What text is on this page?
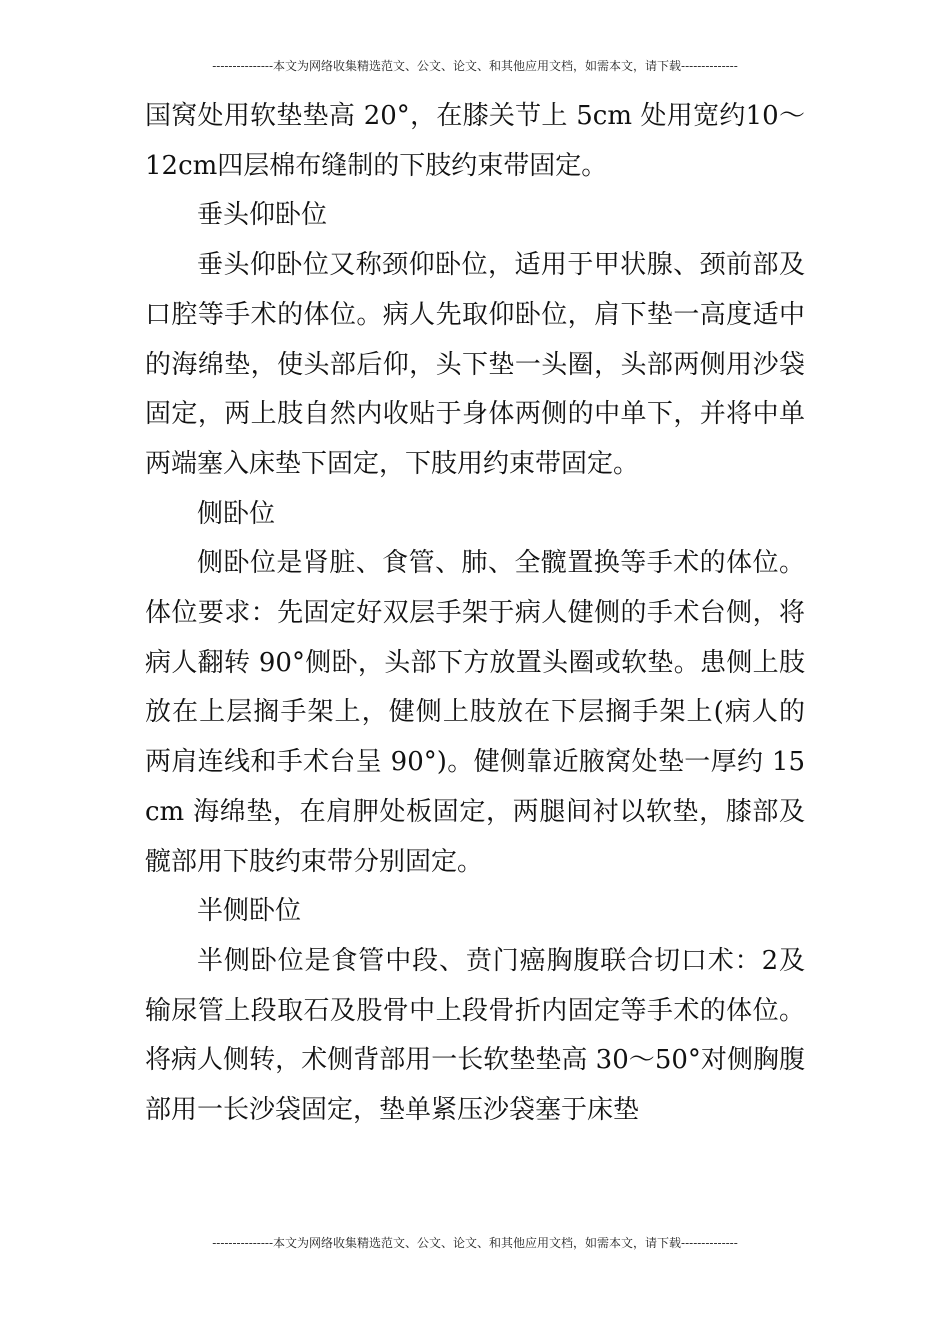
---------------本文为网络收集精选范文、公文、论文、和其他应用文档，如需本文，请下载--------------

国窝处用软垫垫高 20°，在膝关节上 5cm 处用宽约10～12cm四层棉布缝制的下肢约束带固定。

垂头仰卧位

垂头仰卧位又称颈仰卧位，适用于甲状腺、颈前部及口腔等手术的体位。病人先取仰卧位，肩下垫一高度适中的海绵垫，使头部后仰，头下垫一头圈，头部两侧用沙袋固定，两上肢自然内收贴于身体两侧的中单下，并将中单两端塞入床垫下固定，下肢用约束带固定。

侧卧位

侧卧位是肾脏、食管、肺、全髋置换等手术的体位。体位要求：先固定好双层手架于病人健侧的手术台侧，将病人翻转 90°侧卧，头部下方放置头圈或软垫。患侧上肢放在上层搁手架上，健侧上肢放在下层搁手架上(病人的两肩连线和手术台呈 90°)。健侧靠近腋窝处垫一厚约 15cm 海绵垫，在肩胛处板固定，两腿间衬以软垫，膝部及髋部用下肢约束带分别固定。

半侧卧位

半侧卧位是食管中段、贲门癌胸腹联合切口术：2及输尿管上段取石及股骨中上段骨折内固定等手术的体位。将病人侧转，术侧背部用一长软垫垫高 30～50°对侧胸腹部用一长沙袋固定，垫单紧压沙袋塞于床垫

---------------本文为网络收集精选范文、公文、论文、和其他应用文档，如需本文，请下载--------------
